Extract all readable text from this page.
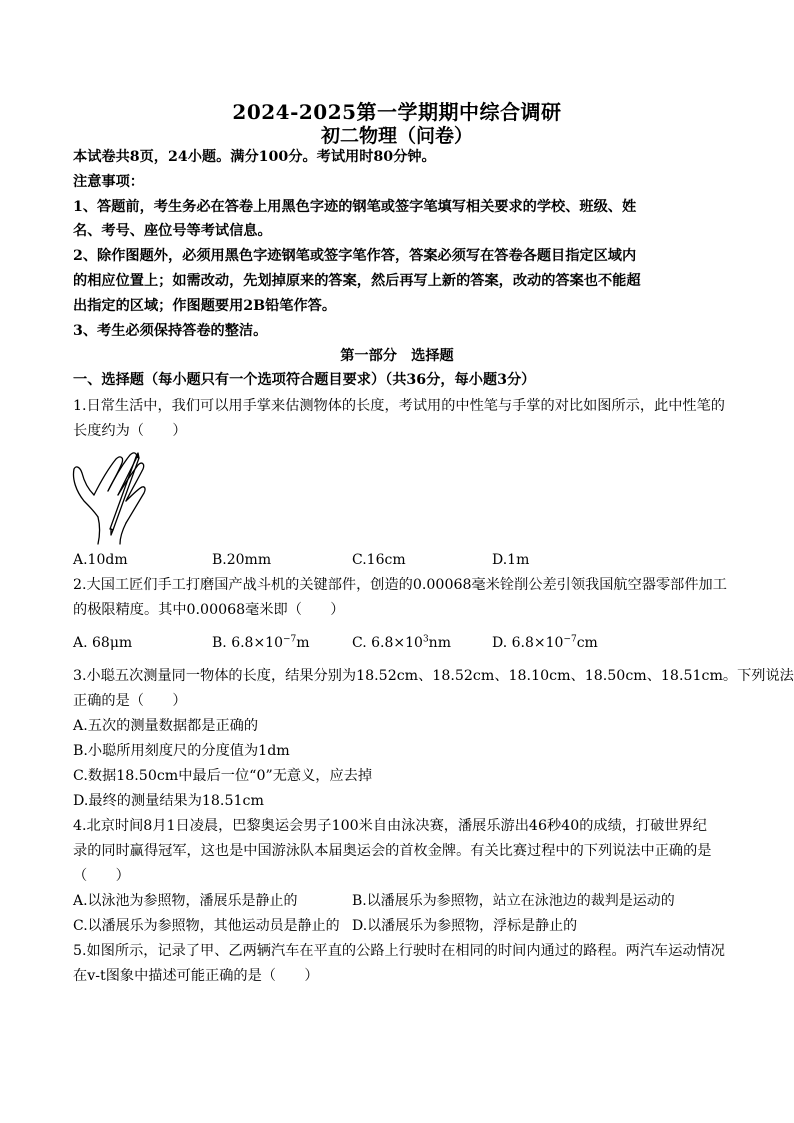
2024-2025第一学期期中综合调研
初二物理（问卷）
本试卷共8页，24小题。满分100分。考试用时80分钟。
注意事项：
1、答题前，考生务必在答卷上用黑色字迹的钢笔或签字笔填写相关要求的学校、班级、姓
名、考号、座位号等考试信息。
2、除作图题外，必须用黑色字迹钢笔或签字笔作答，答案必须写在答卷各题目指定区域内
的相应位置上；如需改动，先划掉原来的答案，然后再写上新的答案，改动的答案也不能超
出指定的区域；作图题要用2B铅笔作答。
3、考生必须保持答卷的整洁。
第一部分　选择题
一、选择题（每小题只有一个选项符合题目要求）（共36分，每小题3分）
1.日常生活中，我们可以用手掌来估测物体的长度，考试用的中性笔与手掌的对比如图所示，此中性笔的
长度约为（　　）
A.10dm	B.20mm	C.16cm	D.1m
2.大国工匠们手工打磨国产战斗机的关键部件，创造的0.00068毫米铨削公差引领我国航空器零部件加工
的极限精度。其中0.00068毫米即（　　）
A. 68μm	B. $6.8\times 10^{-7}m$	C. $6.8\times 10^3nm$	D. $6.8\times 10^{-7}cm$
3.小聪五次测量同一物体的长度，结果分别为18.52cm、18.52cm、18.10cm、18.50cm、18.51cm。下列说法
正确的是（　　）
A.五次的测量数据都是正确的
B.小聪所用刻度尺的分度值为1dm
C.数据18.50cm中最后一位“0”无意义，应去掉
D.最终的测量结果为18.51cm
4.北京时间8月1日凌晨，巴黎奥运会男子100米自由泳决赛，潘展乐游出46秒40的成绩，打破世界纪
录的同时赢得冠军，这也是中国游泳队本届奥运会的首枚金牌。有关比赛过程中的下列说法中正确的是
（　　）
A.以泳池为参照物，潘展乐是静止的	B.以潘展乐为参照物，站立在泳池边的裁判是运动的
C.以潘展乐为参照物，其他运动员是静止的 D.以潘展乐为参照物，浮标是静止的
5.如图所示，记录了甲、乙两辆汽车在平直的公路上行驶时在相同的时间内通过的路程。两汽车运动情况
在v-t图象中描述可能正确的是（　　）
